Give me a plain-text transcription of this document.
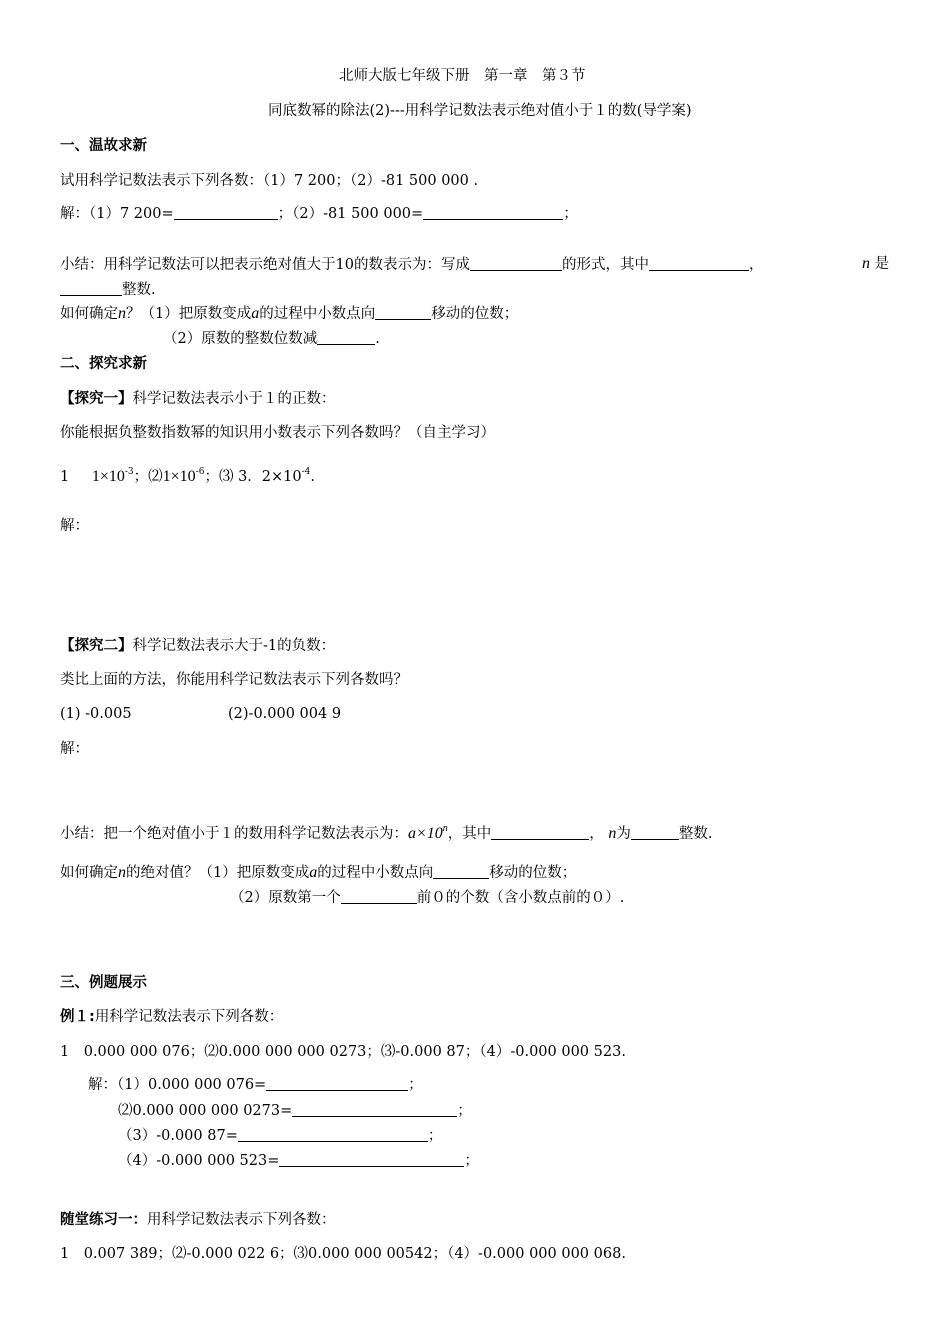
北师大版七年级下册　第一章　第３节
同底数幂的除法(2)---用科学记数法表示绝对值小于１的数(导学案)
一、温故求新
试用科学记数法表示下列各数：（1）7 200；（2）-81 500 000 .
解：（1）7 200=	；（2）-81 500 000=	；
小结：用科学记数法可以把表示绝对值大于10的数表示为：写成	的形式，其中	，	n 是
整数.
如何确定n？（1）把原数变成a的过程中小数点向	移动的位数；
（2）原数的整数位数减	.
二、探究求新
【探究一】科学记数法表示小于１的正数：
你能根据负整数指数幂的知识用小数表示下列各数吗？（自主学习）
1 $1\times 10^{-3}$；$⑵1\times 10^{-6}$；⑶ 3．$2\times 10^{-4}$.
解：
【探究二】科学记数法表示大于-1的负数：
类比上面的方法，你能用科学记数法表示下列各数吗？
(1) -0.005	(2)-0.000 004 9
解：
小结：把一个绝对值小于１的数用科学记数法表示为：$a\times 10^n$，其中	， n为	整数.
如何确定n的绝对值？（1）把原数变成a的过程中小数点向	移动的位数；
（2）原数第一个	前０的个数（含小数点前的０）.
三、例题展示
例１:用科学记数法表示下列各数：
1　0.000 000 076；⑵0.000 000 000 0273；⑶-0.000 87；（4）-0.000 000 523.
解：（1）0.000 000 076=	；
⑵0.000 000 000 0273=	；
（3）-0.000 87=	；
（4）-0.000 000 523=	；
随堂练习一：用科学记数法表示下列各数：
1　0.007 389；⑵-0.000 022 6；⑶0.000 000 00542；（4）-0.000 000 000 068.
